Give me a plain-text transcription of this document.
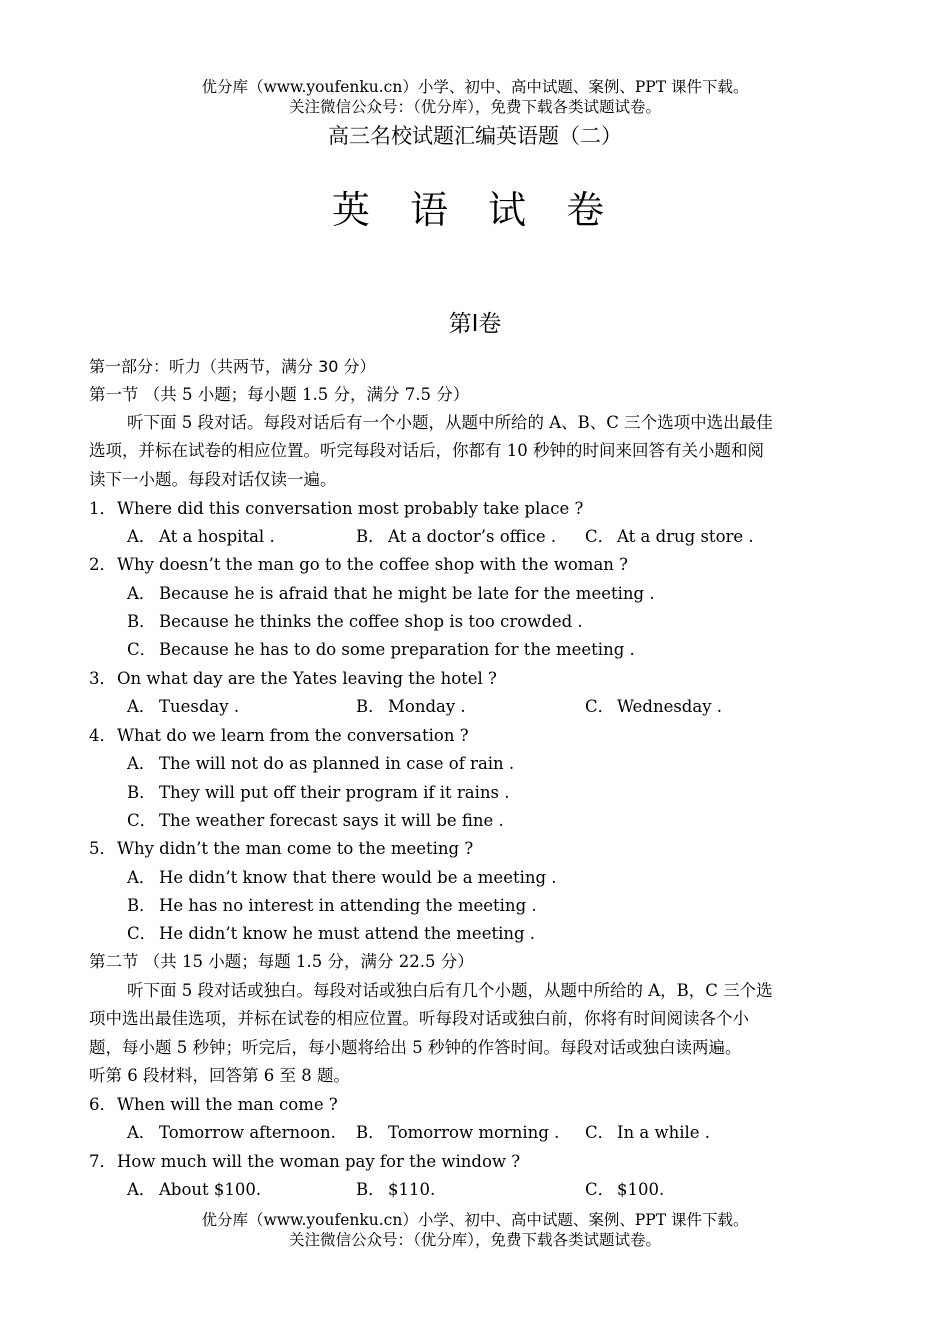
优分库（www.youfenku.cn）小学、初中、高中试题、案例、PPT 课件下载。
关注微信公众号：（优分库），免费下载各类试题试卷。
高三名校试题汇编英语题（二）
英 语 试 卷
第Ⅰ卷
第一部分：听力（共两节，满分 30 分）
第一节 （共 5 小题；每小题 1.5 分，满分 7.5 分）
听下面 5 段对话。每段对话后有一个小题，从题中所给的 A、B、C 三个选项中选出最佳
选项，并标在试卷的相应位置。听完每段对话后，你都有 10 秒钟的时间来回答有关小题和阅
读下一小题。每段对话仅读一遍。
1．Where did this conversation most probably take place ?
A． At a hospital .	B． At a doctor’s office . C． At a drug store .
2．Why doesn’t the man go to the coffee shop with the woman ?
A． Because he is afraid that he might be late for the meeting .
B． Because he thinks the coffee shop is too crowded .
C． Because he has to do some preparation for the meeting .
3．On what day are the Yates leaving the hotel ?
A． Tuesday .	B． Monday .	C． Wednesday .
4．What do we learn from the conversation ?
A． The will not do as planned in case of rain .
B． They will put off their program if it rains .
C． The weather forecast says it will be fine .
5．Why didn’t the man come to the meeting ?
A． He didn’t know that there would be a meeting .
B． He has no interest in attending the meeting .
C． He didn’t know he must attend the meeting .
第二节 （共 15 小题；每题 1.5 分，满分 22.5 分）
听下面 5 段对话或独白。每段对话或独白后有几个小题，从题中所给的 A，B，C 三个选
项中选出最佳选项，并标在试卷的相应位置。听每段对话或独白前，你将有时间阅读各个小
题，每小题 5 秒钟；听完后，每小题将给出 5 秒钟的作答时间。每段对话或独白读两遍。
听第 6 段材料，回答第 6 至 8 题。
6．When will the man come ?
A． Tomorrow afternoon. B． Tomorrow morning . C． In a while .
7．How much will the woman pay for the window ?
A． About $100.	B． $110.	C． $100.
优分库（www.youfenku.cn）小学、初中、高中试题、案例、PPT 课件下载。
关注微信公众号：（优分库），免费下载各类试题试卷。
